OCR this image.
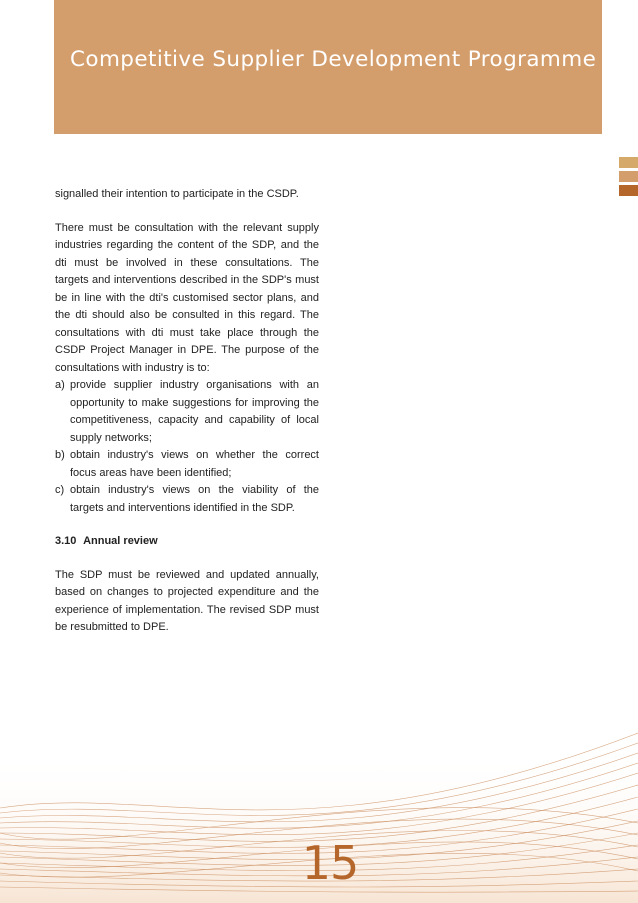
Competitive Supplier Development Programme

signalled their intention to participate in the CSDP.

There must be consultation with the relevant supply industries regarding the content of the SDP, and the dti must be involved in these consultations. The targets and interventions described in the SDP's must be in line with the dti's customised sector plans, and the dti should also be consulted in this regard. The consultations with dti must take place through the CSDP Project Manager in DPE. The purpose of the consultations with industry is to:

a) provide supplier industry organisations with an opportunity to make suggestions for improving the competitiveness, capacity and capability of local supply networks;
b) obtain industry's views on whether the correct focus areas have been identified;
c) obtain industry's views on the viability of the targets and interventions identified in the SDP.
3.10 Annual review

The SDP must be reviewed and updated annually, based on changes to projected expenditure and the experience of implementation. The revised SDP must be resubmitted to DPE.

15
